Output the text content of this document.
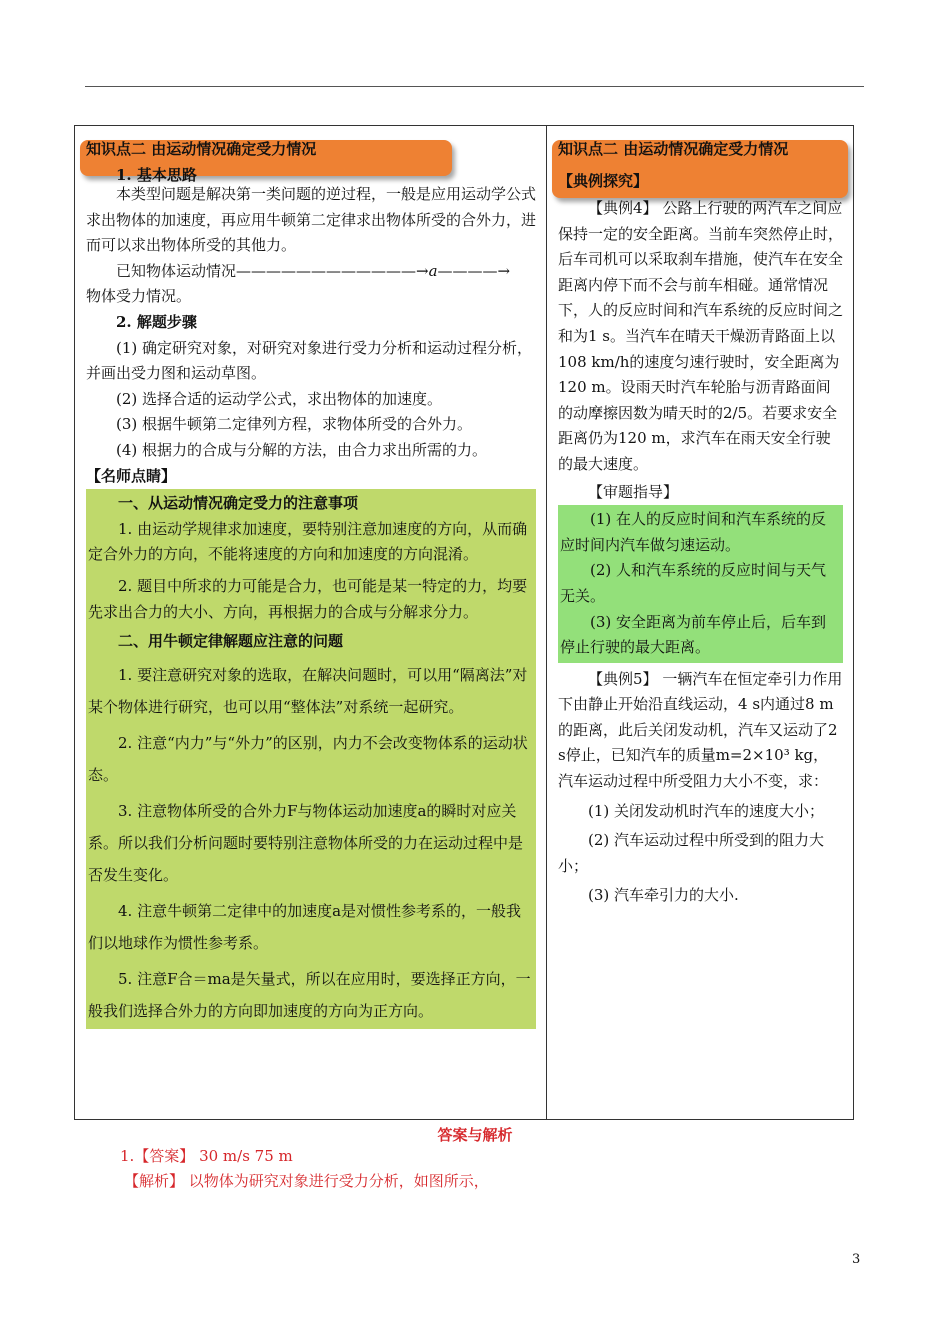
知识点二 由运动情况确定受力情况
1. 基本思路

本类型问题是解决第一类问题的逆过程，一般是应用运动学公式求出物体的加速度，再应用牛顿第二定律求出物体所受的合外力，进而可以求出物体所受的其他力。

已知物体运动情况————————————→a————→

物体受力情况。

2. 解题步骤

(1) 确定研究对象，对研究对象进行受力分析和运动过程分析，并画出受力图和运动草图。

(2) 选择合适的运动学公式，求出物体的加速度。

(3) 根据牛顿第二定律列方程，求物体所受的合外力。

(4) 根据力的合成与分解的方法，由合力求出所需的力。

【名师点睛】

一、从运动情况确定受力的注意事项

1. 由运动学规律求加速度，要特别注意加速度的方向，从而确定合外力的方向，不能将速度的方向和加速度的方向混淆。

2. 题目中所求的力可能是合力，也可能是某一特定的力，均要先求出合力的大小、方向，再根据力的合成与分解求分力。

二、用牛顿定律解题应注意的问题

1. 要注意研究对象的选取，在解决问题时，可以用“隔离法”对某个物体进行研究，也可以用“整体法”对系统一起研究。

2. 注意“内力”与“外力”的区别，内力不会改变物体系的运动状态。

3. 注意物体所受的合外力F与物体运动加速度a的瞬时对应关系。所以我们分析问题时要特别注意物体所受的力在运动过程中是否发生变化。

4. 注意牛顿第二定律中的加速度a是对惯性参考系的，一般我们以地球作为惯性参考系。

5. 注意F合＝ma是矢量式，所以在应用时，要选择正方向，一般我们选择合外力的方向即加速度的方向为正方向。

知识点二 由运动情况确定受力情况
【典例探究】

【典例4】 公路上行驶的两汽车之间应保持一定的安全距离。当前车突然停止时，后车司机可以采取刹车措施，使汽车在安全距离内停下而不会与前车相碰。通常情况下，人的反应时间和汽车系统的反应时间之和为1 s。当汽车在晴天干燥沥青路面上以108 km/h的速度匀速行驶时，安全距离为120 m。设雨天时汽车轮胎与沥青路面间的动摩擦因数为晴天时的2/5。若要求安全距离仍为120 m，求汽车在雨天安全行驶的最大速度。

【审题指导】

(1) 在人的反应时间和汽车系统的反应时间内汽车做匀速运动。

(2) 人和汽车系统的反应时间与天气无关。

(3) 安全距离为前车停止后，后车到停止行驶的最大距离。

【典例5】 一辆汽车在恒定牵引力作用下由静止开始沿直线运动，4 s内通过8 m的距离，此后关闭发动机，汽车又运动了2 s停止，已知汽车的质量m=2×10³ kg，汽车运动过程中所受阻力大小不变，求：

(1) 关闭发动机时汽车的速度大小；

(2) 汽车运动过程中所受到的阻力大小；

(3) 汽车牵引力的大小.

答案与解析
1.【答案】 30 m/s 75 m
【解析】 以物体为研究对象进行受力分析，如图所示，
3
